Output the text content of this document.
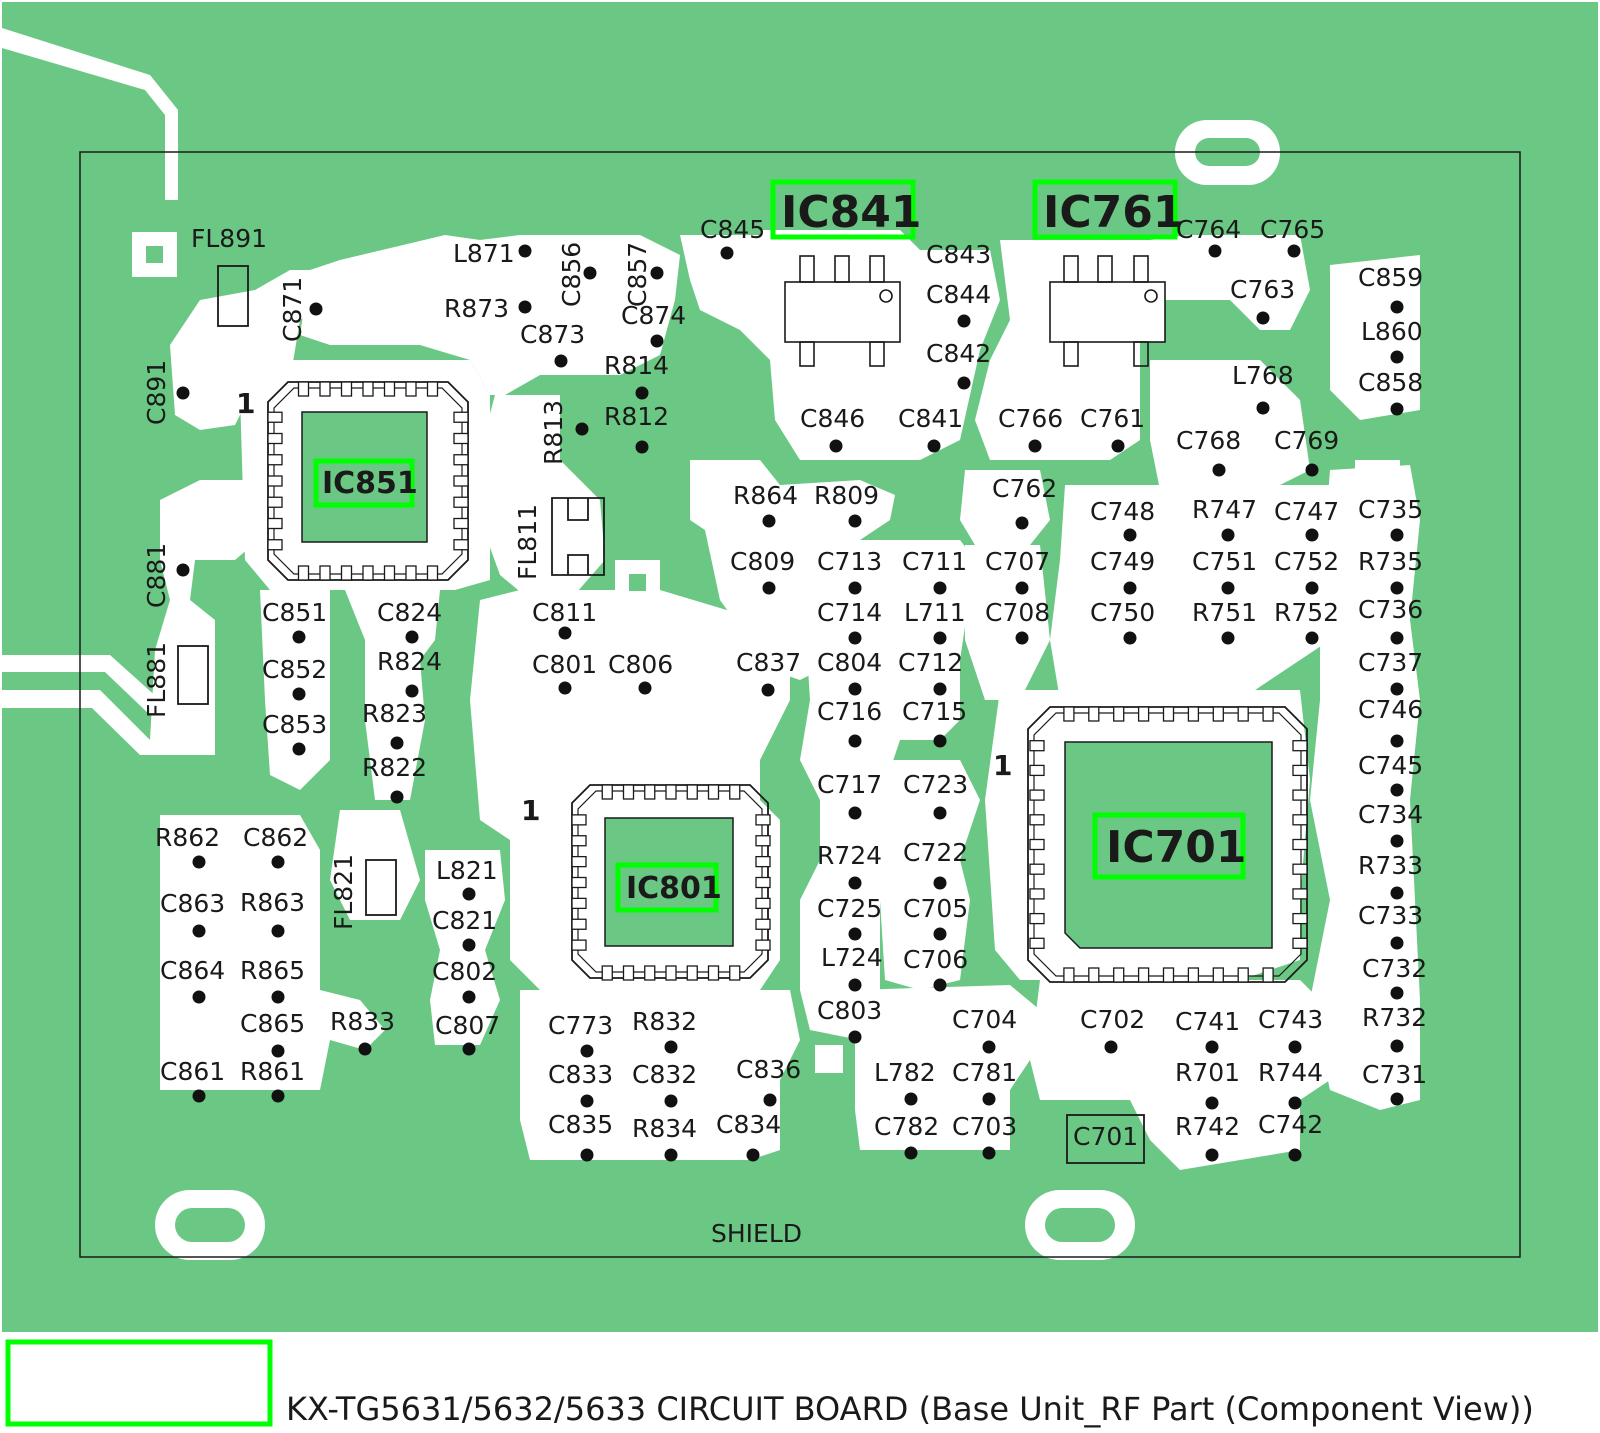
IC841	IC761
IC851
IC801
IC701
1
1
1
FL891
C871
C891
L871
R873
C856 C857
C873
C874
R814
R813 R812
C845
C843
C844
C842
C846 C841
C764 C765
C763
C766 C761
C859
L860
C858
L768
C768 C769
C881
FL881
FL811
C851 C824
C852 R824
C853 R823
R822
C811
C801 C806	C837
R864 R809	C762
C748 R747 C747 C735
C809 C713 C711 C707 C749 C751 C752 R735
C714 L711 C708 C750 R751 R752 C736
C804 C712	C737
C716 C715	C746
C745
C717 C723
C734
R862 C862
FL821	L821
R724 C722	R733
C863 R863
C821	C725 C705	C733
C864 R865	C802	L724 C706	C732
C865 R833 C807 C773 R832	C803	C704	C702 C741 C743 R732
C861 R861	C833 C832 C836	L782 C781	R701 R744 C731
C835 R834 C834	C782 C703 C701 R742 C742
SHIELD
KX-TG5631/5632/5633 CIRCUIT BOARD (Base Unit_RF Part (Component View))
